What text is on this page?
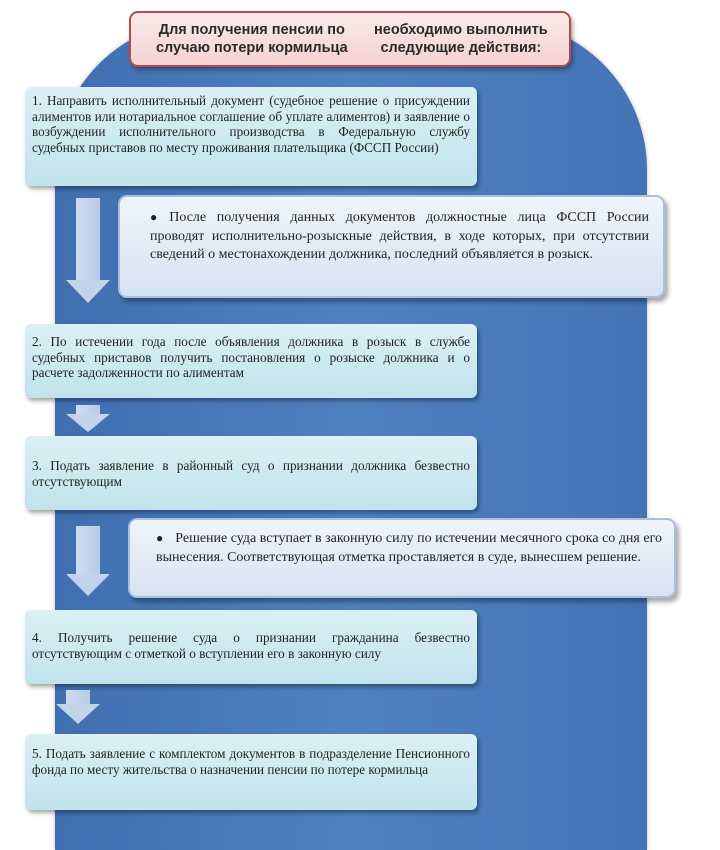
Для получения пенсии по случаю потери кормильца
необходимо выполнить следующие действия:
1. Направить исполнительный документ (судебное решение о присуждении алиментов или нотариальное соглашение об уплате алиментов) и заявление о возбуждении исполнительного производства в Федеральную службу судебных приставов по месту проживания плательщика (ФССП России)
● После получения данных документов должностные лица ФССП России проводят исполнительно-розыскные действия, в ходе которых, при отсутствии сведений о местонахождении должника, последний объявляется в розыск.
2. По истечении года после объявления должника в розыск в службе судебных приставов получить постановления о розыске должника и о расчете задолженности по алиментам
3. Подать заявление в районный суд о признании должника безвестно отсутствующим
● Решение суда вступает в законную силу по истечении месячного срока со дня его вынесения. Соответствующая отметка проставляется в суде, вынесшем решение.
4. Получить решение суда о признании гражданина безвестно отсутствующим с отметкой о вступлении его в законную силу
5. Подать заявление с комплектом документов в подразделение Пенсионного фонда по месту жительства о назначении пенсии по потере кормильца
